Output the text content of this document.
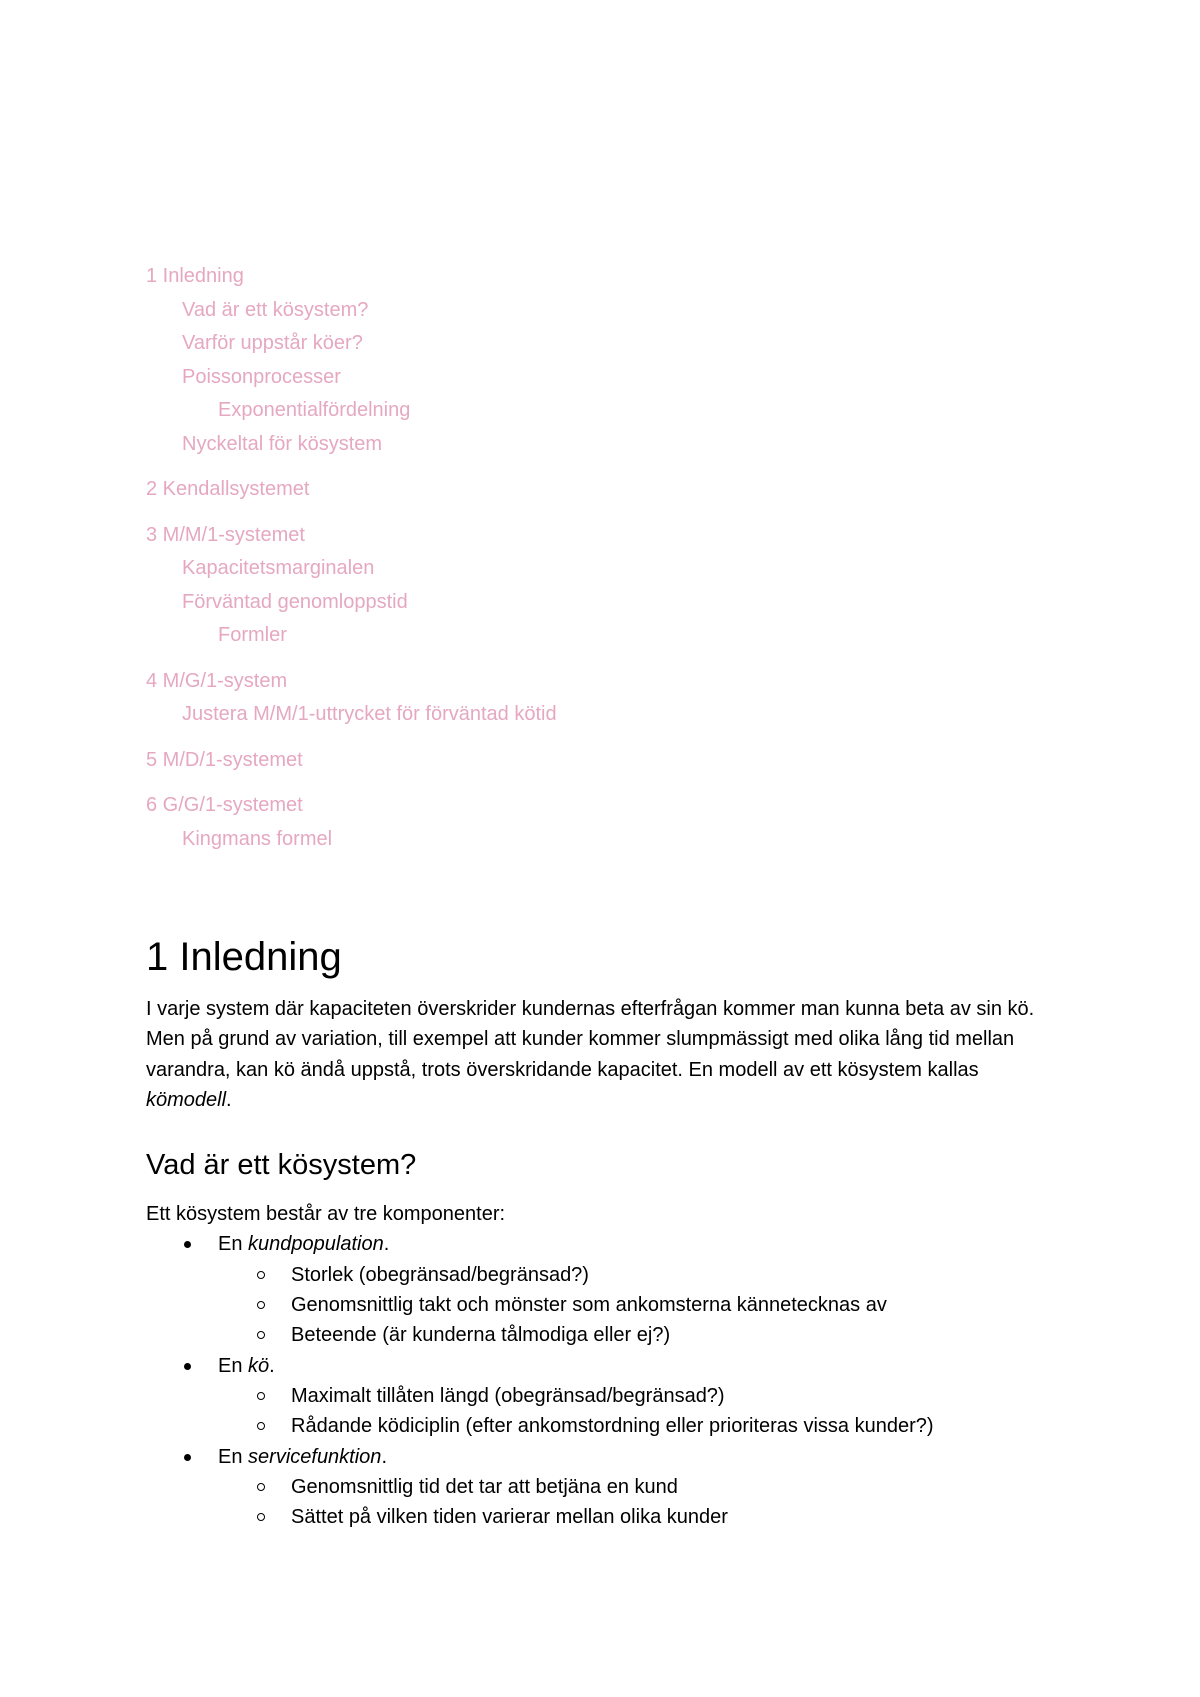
1 Inledning
Vad är ett kösystem?
Varför uppstår köer?
Poissonprocesser
Exponentialfördelning
Nyckeltal för kösystem
2 Kendallsystemet
3 M/M/1-systemet
Kapacitetsmarginalen
Förväntad genomloppstid
Formler
4 M/G/1-system
Justera M/M/1-uttrycket för förväntad kötid
5 M/D/1-systemet
6 G/G/1-systemet
Kingmans formel
1 Inledning

I varje system där kapaciteten överskrider kundernas efterfrågan kommer man kunna beta av sin kö. Men på grund av variation, till exempel att kunder kommer slumpmässigt med olika lång tid mellan varandra, kan kö ändå uppstå, trots överskridande kapacitet. En modell av ett kösystem kallas kömodell.

Vad är ett kösystem?

Ett kösystem består av tre komponenter:

En kundpopulation.
Storlek (obegränsad/begränsad?)
Genomsnittlig takt och mönster som ankomsterna kännetecknas av
Beteende (är kunderna tålmodiga eller ej?)
En kö.
Maximalt tillåten längd (obegränsad/begränsad?)
Rådande ködiciplin (efter ankomstordning eller prioriteras vissa kunder?)
En servicefunktion.
Genomsnittlig tid det tar att betjäna en kund
Sättet på vilken tiden varierar mellan olika kunder
